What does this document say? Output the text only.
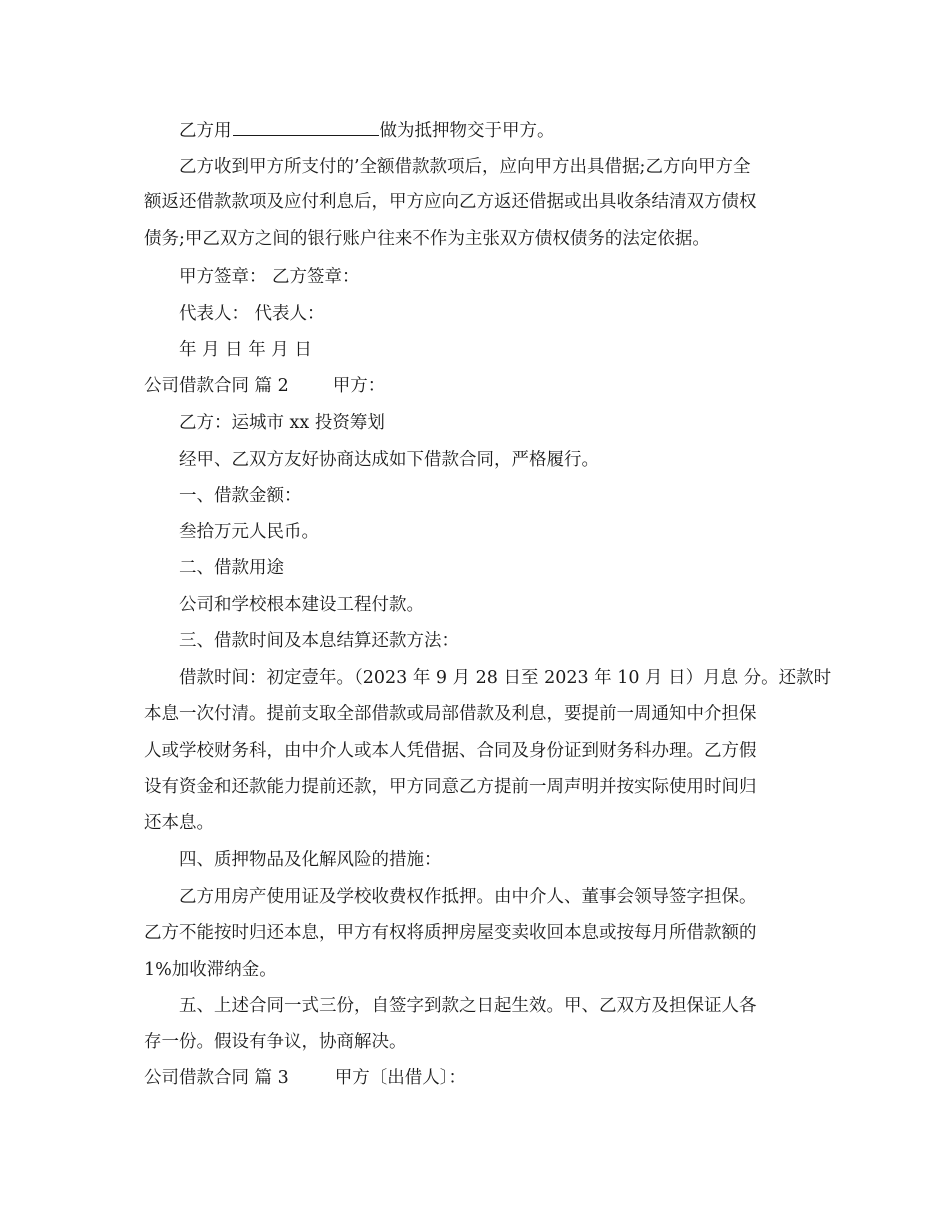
乙方用	做为抵押物交于甲方。
乙方收到甲方所支付的’全额借款款项后，应向甲方出具借据;乙方向甲方全
额返还借款款项及应付利息后，甲方应向乙方返还借据或出具收条结清双方债权
债务;甲乙双方之间的银行账户往来不作为主张双方债权债务的法定依据。
甲方签章： 乙方签章：
代表人： 代表人：
年 月 日 年 月 日
公司借款合同 篇 2	甲方：
乙方：运城市 xx 投资筹划
经甲、乙双方友好协商达成如下借款合同，严格履行。
一、借款金额：
叁拾万元人民币。
二、借款用途
公司和学校根本建设工程付款。
三、借款时间及本息结算还款方法：
借款时间：初定壹年。（2023 年 9 月 28 日至 2023 年 10 月 日）月息 分。还款时
本息一次付清。提前支取全部借款或局部借款及利息，要提前一周通知中介担保
人或学校财务科，由中介人或本人凭借据、合同及身份证到财务科办理。乙方假
设有资金和还款能力提前还款，甲方同意乙方提前一周声明并按实际使用时间归
还本息。
四、质押物品及化解风险的措施：
乙方用房产使用证及学校收费权作抵押。由中介人、董事会领导签字担保。
乙方不能按时归还本息，甲方有权将质押房屋变卖收回本息或按每月所借款额的
1%加收滞纳金。
五、上述合同一式三份，自签字到款之日起生效。甲、乙双方及担保证人各
存一份。假设有争议，协商解决。
公司借款合同 篇 3	甲方〔出借人〕：
